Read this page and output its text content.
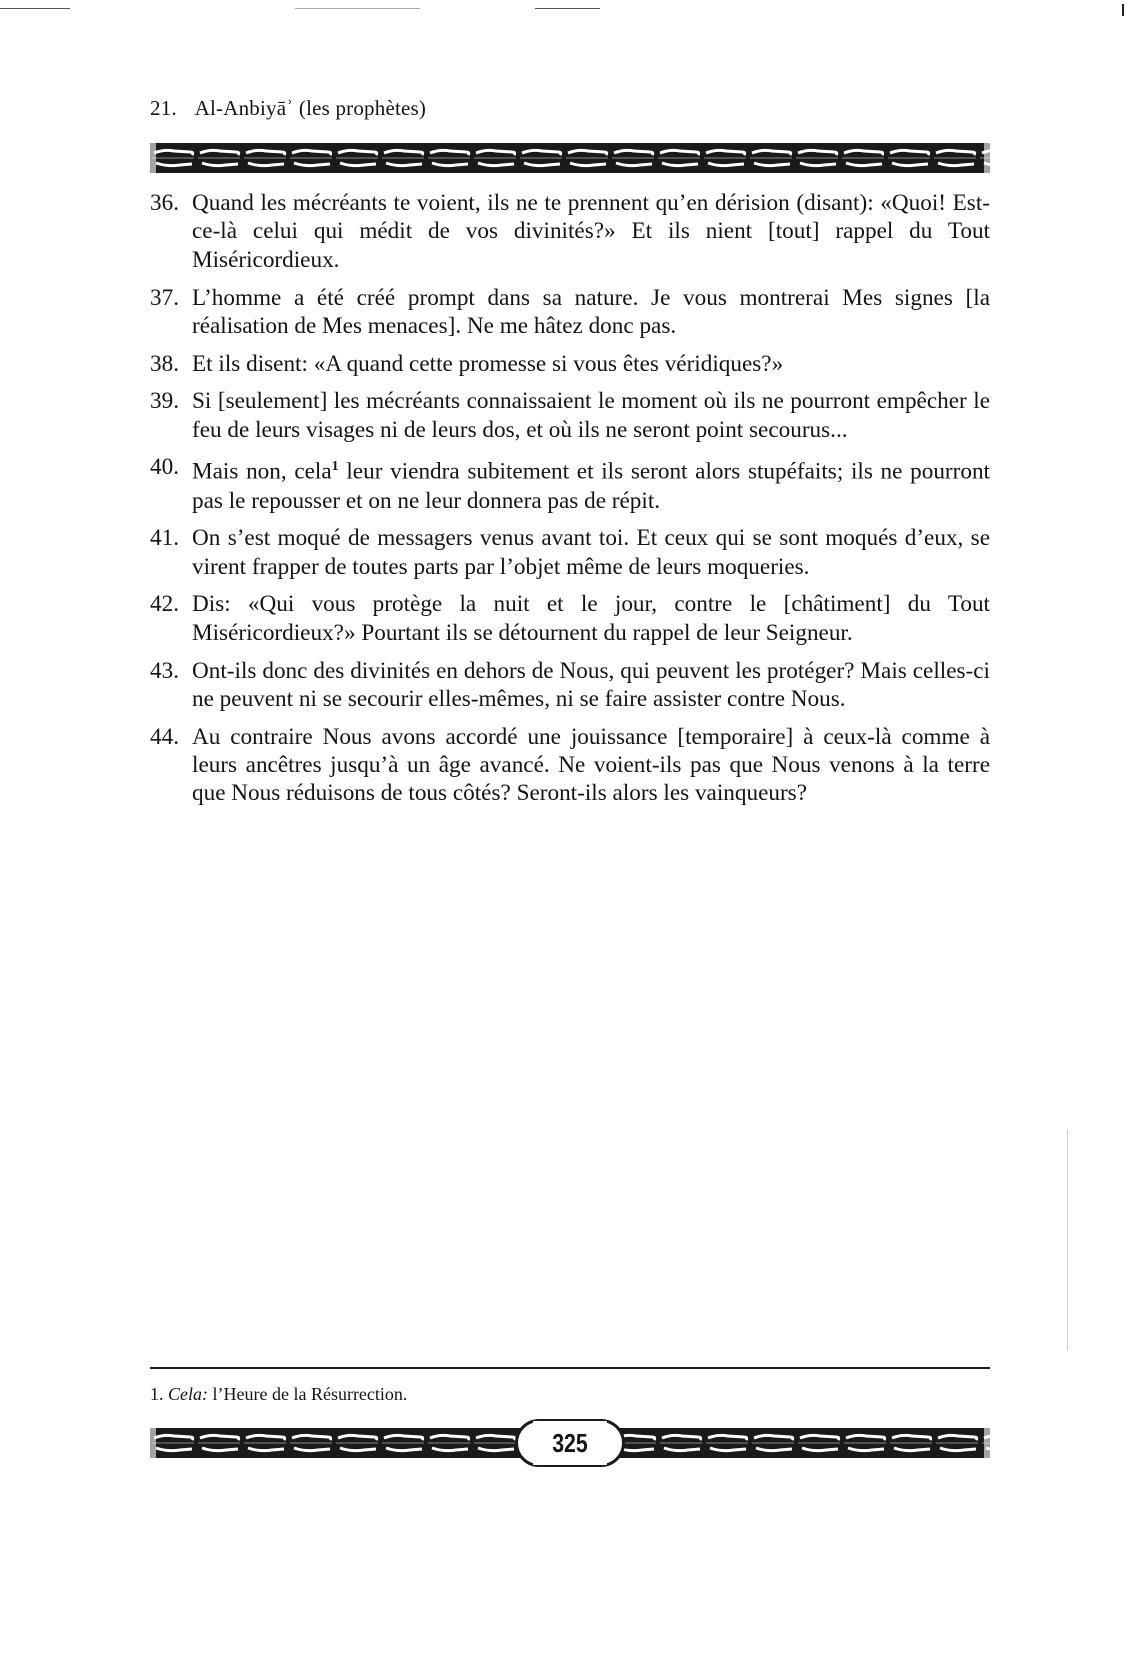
21. Al-Anbiyāʾ (les prophètes)
36. Quand les mécréants te voient, ils ne te prennent qu’en dérision (disant): «Quoi! Est-ce-là celui qui médit de vos divinités?» Et ils nient [tout] rappel du Tout Miséricordieux.
37. L’homme a été créé prompt dans sa nature. Je vous montrerai Mes signes [la réalisation de Mes menaces]. Ne me hâtez donc pas.
38. Et ils disent: «A quand cette promesse si vous êtes véridiques?»
39. Si [seulement] les mécréants connaissaient le moment où ils ne pourront empêcher le feu de leurs visages ni de leurs dos, et où ils ne seront point secourus...
40. Mais non, cela$^1$ leur viendra subitement et ils seront alors stupéfaits; ils ne pourront pas le repousser et on ne leur donnera pas de répit.
41. On s’est moqué de messagers venus avant toi. Et ceux qui se sont moqués d’eux, se virent frapper de toutes parts par l’objet même de leurs moqueries.
42. Dis: «Qui vous protège la nuit et le jour, contre le [châtiment] du Tout Miséricordieux?» Pourtant ils se détournent du rappel de leur Seigneur.
43. Ont-ils donc des divinités en dehors de Nous, qui peuvent les protéger? Mais celles-ci ne peuvent ni se secourir elles-mêmes, ni se faire assister contre Nous.
44. Au contraire Nous avons accordé une jouissance [temporaire] à ceux-là comme à leurs ancêtres jusqu’à un âge avancé. Ne voient-ils pas que Nous venons à la terre que Nous réduisons de tous côtés? Seront-ils alors les vainqueurs?
1. Cela: l’Heure de la Résurrection.
325
